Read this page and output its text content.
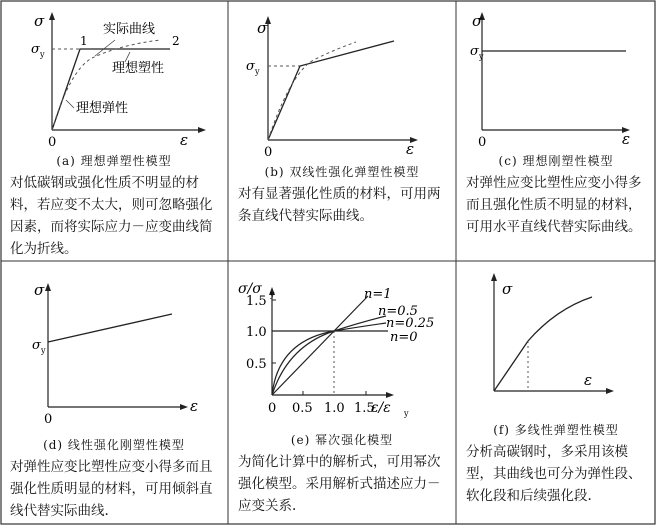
σ
ε
0
σ y
1	2
实际曲线
理想塑性
理想弹性
(a) 理想弹塑性模型
对低碳钢或强化性质不明显的材料，若应变不太大，则可忽略强化因素，而将实际应力－应变曲线简化为折线。
σ
ε
0
σ y
(b) 双线性强化弹塑性模型
对有显著强化性质的材料，可用两条直线代替实际曲线。
σ
ε
0
σ y
(c) 理想刚塑性模型
对弹性应变比塑性应变小得多而且强化性质不明显的材料，可用水平直线代替实际曲线。
σ
ε
0
σ y
(d) 线性强化刚塑性模型
对弹性应变比塑性应变小得多而且强化性质明显的材料，可用倾斜直线代替实际曲线.
σ/σ y
ε/ε y
1.5
1.0
0.5
0 0.5 1.0 1.5
n=1
n=0.5
n=0.25
n=0
(e) 幂次强化模型
为简化计算中的解析式，可用幂次强化模型。采用解析式描述应力－应变关系.
σ
ε
(f) 多线性弹塑性模型
分析高碳钢时，多采用该模型，其曲线也可分为弹性段、软化段和后续强化段.
